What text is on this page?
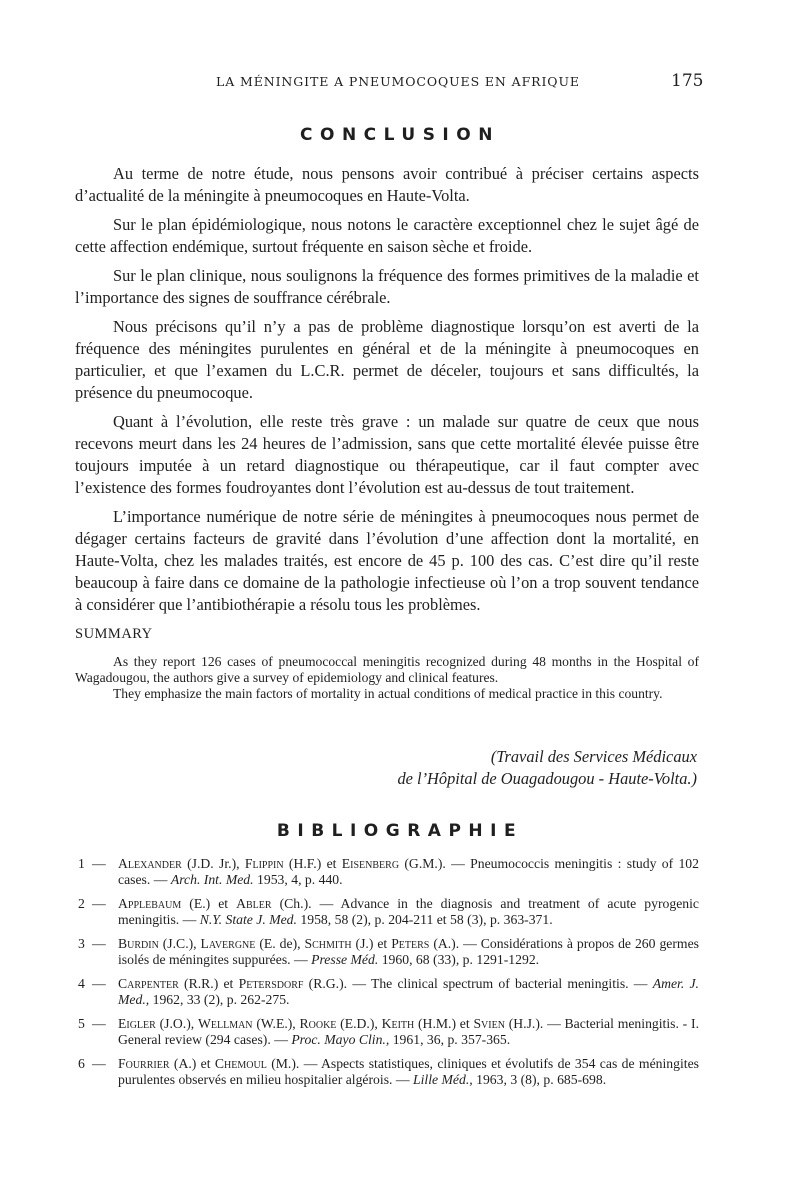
LA MÉNINGITE A PNEUMOCOQUES EN AFRIQUE	175
CONCLUSION

Au terme de notre étude, nous pensons avoir contribué à préciser certains aspects d’actualité de la méningite à pneumocoques en Haute-Volta.

Sur le plan épidémiologique, nous notons le caractère exceptionnel chez le sujet âgé de cette affection endémique, surtout fréquente en saison sèche et froide.

Sur le plan clinique, nous soulignons la fréquence des formes primitives de la maladie et l’importance des signes de souffrance cérébrale.

Nous précisons qu’il n’y a pas de problème diagnostique lorsqu’on est averti de la fréquence des méningites purulentes en général et de la méningite à pneumocoques en particulier, et que l’examen du L.C.R. permet de déceler, toujours et sans difficultés, la présence du pneumocoque.

Quant à l’évolution, elle reste très grave : un malade sur quatre de ceux que nous recevons meurt dans les 24 heures de l’admission, sans que cette mortalité élevée puisse être toujours imputée à un retard diagnostique ou thérapeutique, car il faut compter avec l’existence des formes foudroyantes dont l’évolution est au-dessus de tout traitement.

L’importance numérique de notre série de méningites à pneumocoques nous permet de dégager certains facteurs de gravité dans l’évolution d’une affection dont la mortalité, en Haute-Volta, chez les malades traités, est encore de 45 p. 100 des cas. C’est dire qu’il reste beaucoup à faire dans ce domaine de la pathologie infectieuse où l’on a trop souvent tendance à considérer que l’antibiothérapie a résolu tous les problèmes.

SUMMARY

As they report 126 cases of pneumococcal meningitis recognized during 48 months in the Hospital of Wagadougou, the authors give a survey of epidemiology and clinical features.

They emphasize the main factors of mortality in actual conditions of medical practice in this country.

(Travail des Services Médicaux
de l’Hôpital de Ouagadougou - Haute-Volta.)
BIBLIOGRAPHIE
1 — Alexander (J.D. Jr.), Flippin (H.F.) et Eisenberg (G.M.). — Pneumococcis meningitis : study of 102 cases. — Arch. Int. Med. 1953, 4, p. 440.
2 — Applebaum (E.) et Abler (Ch.). — Advance in the diagnosis and treatment of acute pyrogenic meningitis. — N.Y. State J. Med. 1958, 58 (2), p. 204-211 et 58 (3), p. 363-371.
3 — Burdin (J.C.), Lavergne (E. de), Schmith (J.) et Peters (A.). — Considérations à propos de 260 germes isolés de méningites suppurées. — Presse Méd. 1960, 68 (33), p. 1291-1292.
4 — Carpenter (R.R.) et Petersdorf (R.G.). — The clinical spectrum of bacterial meningitis. — Amer. J. Med., 1962, 33 (2), p. 262-275.
5 — Eigler (J.O.), Wellman (W.E.), Rooke (E.D.), Keith (H.M.) et Svien (H.J.). — Bacterial meningitis. - I. General review (294 cases). — Proc. Mayo Clin., 1961, 36, p. 357-365.
6 — Fourrier (A.) et Chemoul (M.). — Aspects statistiques, cliniques et évolutifs de 354 cas de méningites purulentes observés en milieu hospitalier algérois. — Lille Méd., 1963, 3 (8), p. 685-698.
